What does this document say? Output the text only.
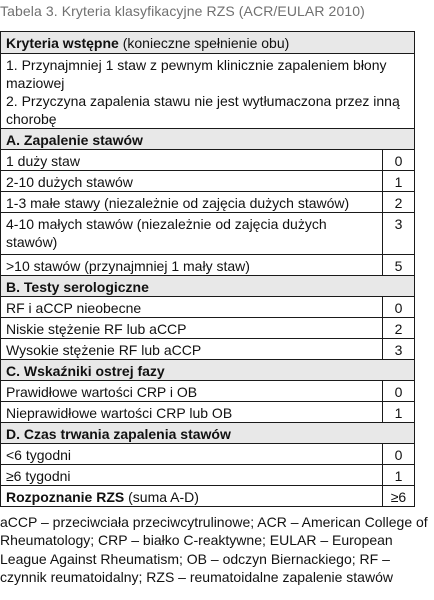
Tabela 3. Kryteria klasyfikacyjne RZS (ACR/EULAR 2010)
Kryteria wstępne (konieczne spełnienie obu)	

1. Przynajmniej 1 staw z pewnym klinicznie zapaleniem błony maziowej
2. Przyczyna zapalenia stawu nie jest wytłumaczona przez inną chorobę	

A. Zapalenie stawów	
1 duży staw	0
2-10 dużych stawów	1
1-3 małe stawy (niezależnie od zajęcia dużych stawów)	2
4-10 małych stawów (niezależnie od zajęcia dużych stawów)	3
>10 stawów (przynajmniej 1 mały staw)	5
B. Testy serologiczne	
RF i aCCP nieobecne	0
Niskie stężenie RF lub aCCP	2
Wysokie stężenie RF lub aCCP	3
C. Wskaźniki ostrej fazy	
Prawidłowe wartości CRP i OB	0
Nieprawidłowe wartości CRP lub OB	1
D. Czas trwania zapalenia stawów	
<6 tygodni	0
≥6 tygodni	1
Rozpoznanie RZS (suma A-D)	≥6
aCCP – przeciwciała przeciwcytrulinowe; ACR – American College of Rheumatology; CRP – białko C-reaktywne; EULAR – European League Against Rheumatism; OB – odczyn Biernackiego; RF – czynnik reumatoidalny; RZS – reumatoidalne zapalenie stawów
